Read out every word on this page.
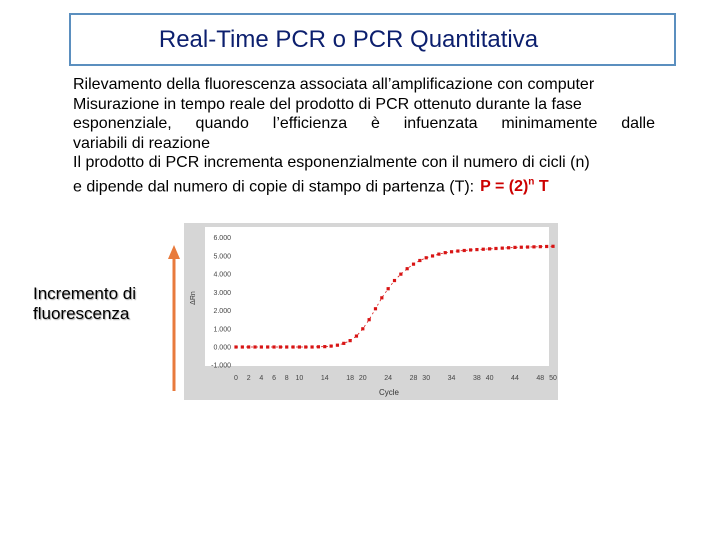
Real-Time PCR o PCR Quantitativa
Rilevamento della fluorescenza associata all’amplificazione con computer
Misurazione in tempo reale del prodotto di PCR ottenuto durante la fase
esponenziale, quando l’efficienza è infuenzata minimamente dalle
variabili di reazione
Il prodotto di PCR incrementa esponenzialmente con il numero di cicli (n)
e dipende dal numero di copie di stampo di partenza (T): $P = (2)^n$ T
Incremento di
fluorescenza
-1.000
0.000
1.000
2.000
3.000
4.000
5.000
6.000
0 2 4 6 8 10	14	18 20	24	28 30	34	38 40	44	48 50
ΔRn
Cycle
